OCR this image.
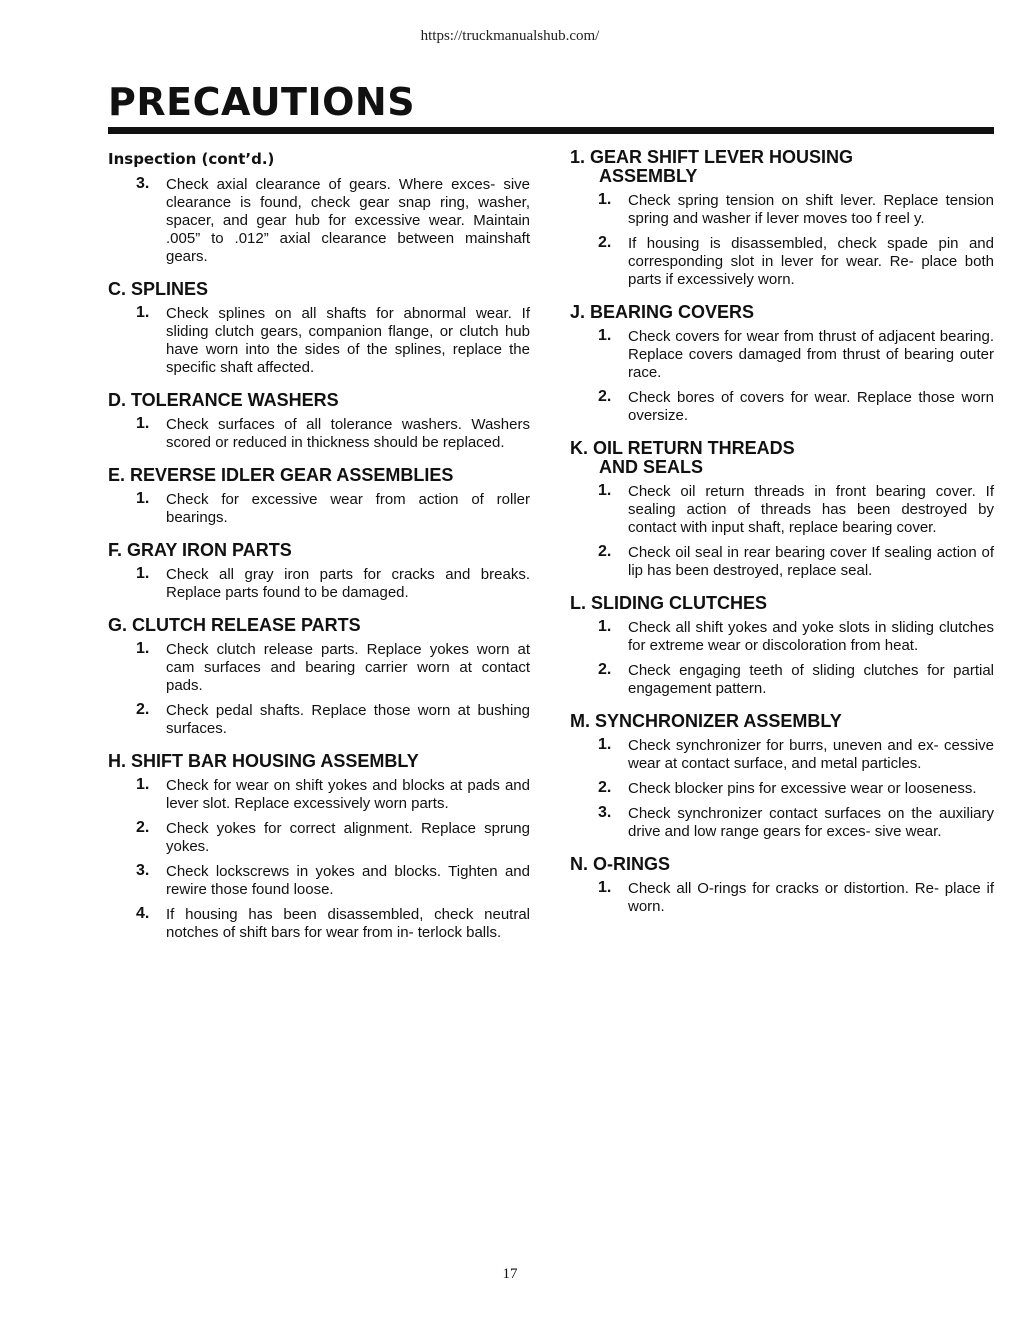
https://truckmanualshub.com/
PRECAUTIONS
Inspection (cont’d.)
3. Check axial clearance of gears. Where exces- sive clearance is found, check gear snap ring, washer, spacer, and gear hub for excessive wear. Maintain .005” to .012” axial clearance between mainshaft gears.
C. SPLINES
1. Check splines on all shafts for abnormal wear. If sliding clutch gears, companion flange, or clutch hub have worn into the sides of the splines, replace the specific shaft affected.
D. TOLERANCE WASHERS
1. Check surfaces of all tolerance washers. Washers scored or reduced in thickness should be replaced.
E. REVERSE IDLER GEAR ASSEMBLIES
1. Check for excessive wear from action of roller bearings.
F. GRAY IRON PARTS
1. Check all gray iron parts for cracks and breaks. Replace parts found to be damaged.
G. CLUTCH RELEASE PARTS
1. Check clutch release parts. Replace yokes worn at cam surfaces and bearing carrier worn at contact pads.
2. Check pedal shafts. Replace those worn at bushing surfaces.
H. SHIFT BAR HOUSING ASSEMBLY
1. Check for wear on shift yokes and blocks at pads and lever slot. Replace excessively worn parts.
2. Check yokes for correct alignment. Replace sprung yokes.
3. Check lockscrews in yokes and blocks. Tighten and rewire those found loose.
4. If housing has been disassembled, check neutral notches of shift bars for wear from in- terlock balls.
1. GEAR SHIFT LEVER HOUSING
ASSEMBLY
1. Check spring tension on shift lever. Replace tension spring and washer if lever moves too f reel y.
2. If housing is disassembled, check spade pin and corresponding slot in lever for wear. Re- place both parts if excessively worn.
J. BEARING COVERS
1. Check covers for wear from thrust of adjacent bearing. Replace covers damaged from thrust of bearing outer race.
2. Check bores of covers for wear. Replace those worn oversize.
K. OIL RETURN THREADS
AND SEALS
1. Check oil return threads in front bearing cover. If sealing action of threads has been destroyed by contact with input shaft, replace bearing cover.
2. Check oil seal in rear bearing cover If sealing action of lip has been destroyed, replace seal.
L. SLIDING CLUTCHES
1. Check all shift yokes and yoke slots in sliding clutches for extreme wear or discoloration from heat.
2. Check engaging teeth of sliding clutches for partial engagement pattern.
M. SYNCHRONIZER ASSEMBLY
1. Check synchronizer for burrs, uneven and ex- cessive wear at contact surface, and metal particles.
2. Check blocker pins for excessive wear or looseness.
3. Check synchronizer contact surfaces on the auxiliary drive and low range gears for exces- sive wear.
N. O-RINGS
1. Check all O-rings for cracks or distortion. Re- place if worn.
17
